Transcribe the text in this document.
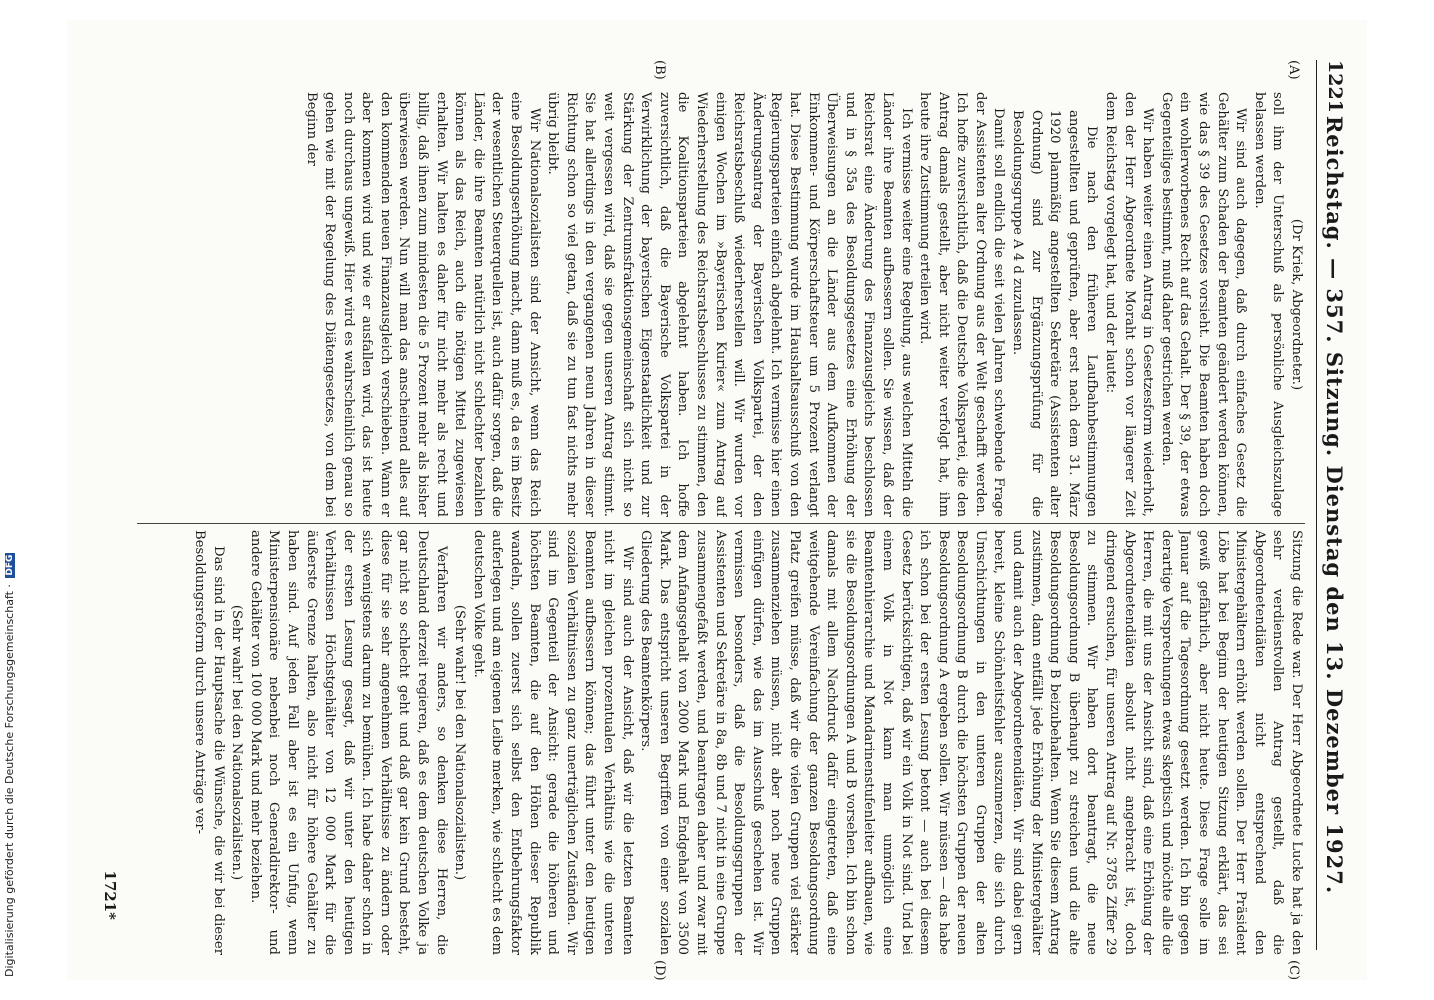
1221
Reichstag. — 357. Sitzung. Dienstag den 13. Dezember 1927.
(A)
(B)
(C)
(D)

(Dr Kriek, Abgeordneter.)

soll ihm der Unterschuß als persönliche Ausgleichszulage belassen werden.

Wir sind auch dagegen, daß durch einfaches Gesetz die Gehälter zum Schaden der Beamten geändert werden können, wie das § 39 des Gesetzes vorsieht. Die Beamten haben doch ein wohlerworbenes Recht auf das Gehalt. Der § 39, der etwas Gegenteiliges bestimmt, muß daher gestrichen werden.

Wir haben weiter einen Antrag in Gesetzesform wiederholt, den der Herr Abgeordnete Moraht schon vor längerer Zeit dem Reichstag vorgelegt hat, und der lautet:

Die nach den früheren Laufbahnbestimmungen angestellten und geprüften, aber erst nach dem 31. März 1920 planmäßig angestellten Sekretäre (Assistenten alter Ordnung) sind zur Ergänzungsprüfung für die Besoldungsgruppe A 4 d zuzulassen.

Damit soll endlich die seit vielen Jahren schwebende Frage der Assistenten alter Ordnung aus der Welt geschafft werden. Ich hoffe zuversichtlich, daß die Deutsche Volkspartei, die den Antrag damals gestellt, aber nicht weiter verfolgt hat, ihm heute ihre Zustimmung erteilen wird.

Ich vermisse weiter eine Regelung, aus welchen Mitteln die Länder ihre Beamten aufbessern sollen. Sie wissen, daß der Reichsrat eine Änderung des Finanzausgleichs beschlossen und in § 35a des Besoldungsgesetzes eine Erhöhung der Überweisungen an die Länder aus dem Aufkommen der Einkommen- und Körperschaftsteuer um 5 Prozent verlangt hat. Diese Bestimmung wurde im Haushaltsausschuß von den Regierungsparteien einfach abgelehnt. Ich vermisse hier einen Änderungsantrag der Bayerischen Volkspartei, der den Reichsratsbeschluß wiederherstellen will. Wir wurden vor einigen Wochen im »Bayerischen Kurier« zum Antrag auf Wiederherstellung des Reichsratsbeschlusses zu stimmen, den die Koalitionsparteien abgelehnt haben. Ich hoffe zuversichtlich, daß die Bayerische Volkspartei in der Verwirklichung der bayerischen Eigenstaatlichkeit und zur Stärkung der Zentrumsfraktionsgemeinschaft sich nicht so weit vergessen wird, daß sie gegen unseren Antrag stimmt. Sie hat allerdings in den vergangenen neun Jahren in dieser Richtung schon so viel getan, daß sie zu tun fast nichts mehr übrig bleibt.

Wir Nationalsozialisten sind der Ansicht, wenn das Reich eine Besoldungserhöhung macht, dann muß es, da es im Besitz der wesentlichen Steuerquellen ist, auch dafür sorgen, daß die Länder, die ihre Beamten natürlich nicht schlechter bezahlen können als das Reich, auch die nötigen Mittel zugewiesen erhalten. Wir halten es daher für nicht mehr als recht und billig, daß ihnen zum mindesten die 5 Prozent mehr als bisher überwiesen werden. Nun will man das anscheinend alles auf den kommenden neuen Finanzausgleich verschieben. Wann er aber kommen wird und wie er ausfallen wird, das ist heute noch durchaus ungewiß. Hier wird es wahrscheinlich genau so gehen wie mit der Regelung des Diätengesetzes, von dem bei Beginn der

Sitzung die Rede war. Der Herr Abgeordnete Lucke hat ja den sehr verdienstvollen Antrag gestellt, daß die Abgeordnetendiäten nicht entsprechend den Ministergehältern erhöht werden sollen. Der Herr Präsident Löbe hat bei Beginn der heutigen Sitzung erklärt, das sei gewiß gefährlich, aber nicht heute. Diese Frage solle im Januar auf die Tagesordnung gesetzt werden. Ich bin gegen derartige Versprechungen etwas skeptisch und möchte alle die Herren, die mit uns der Ansicht sind, daß eine Erhöhung der Abgeordnetendiäten absolut nicht angebracht ist, doch dringend ersuchen, für unseren Antrag auf Nr. 3785 Ziffer 29 zu stimmen. Wir haben dort beantragt, die neue Besoldungsordnung B überhaupt zu streichen und die alte Besoldungsordnung B beizubehalten. Wenn Sie diesem Antrag zustimmen, dann entfällt jede Erhöhung der Ministergehälter und damit auch der Abgeordnetendiäten. Wir sind dabei gern bereit, kleine Schönheitsfehler auszumerzen, die sich durch Umschichtungen in den unteren Gruppen der alten Besoldungsordnung B durch die höchsten Gruppen der neuen Besoldungsordnung A ergeben sollen. Wir müssen — das habe ich schon bei der ersten Lesung betont — auch bei diesem Gesetz berücksichtigen, daß wir ein Volk in Not sind. Und bei einem Volk in Not kann man unmöglich eine Beamtenhierarchie und Mandarinenstufenleiter aufbauen, wie sie die Besoldungsordnungen A und B vorsehen. Ich bin schon damals mit allem Nachdruck dafür eingetreten, daß eine weitgehende Vereinfachung der ganzen Besoldungsordnung Platz greifen müsse, daß wir die vielen Gruppen viel stärker zusammenziehen müssen, nicht aber noch neue Gruppen einfügen dürfen, wie das im Ausschuß geschehen ist. Wir vermissen besonders, daß die Besoldungsgruppen der Assistenten und Sekretäre in 8a, 8b und 7 nicht in eine Gruppe zusammengefaßt werden, und beantragen daher und zwar mit dem Anfangsgehalt von 2000 Mark und Endgehalt von 3500 Mark. Das entspricht unseren Begriffen von einer sozialen Gliederung des Beamtenkörpers.

Wir sind auch der Ansicht, daß wir die letzten Beamten nicht im gleichen prozentualen Verhältnis wie die unteren Beamten aufbessern können; das führt unter den heutigen sozialen Verhältnissen zu ganz unerträglichen Zuständen. Wir sind im Gegenteil der Ansicht: gerade die höheren und höchsten Beamten, die auf den Höhen dieser Republik wandeln, sollen zuerst sich selbst den Entbehrungsfaktor auferlegen und am eigenen Leibe merken, wie schlecht es dem deutschen Volke geht.

(Sehr wahr! bei den Nationalsozialisten.)

Verfahren wir anders, so denken diese Herren, die Deutschland derzeit regieren, daß es dem deutschen Volke ja gar nicht so schlecht geht und daß gar kein Grund besteht, diese für sie sehr angenehmen Verhältnisse zu ändern oder sich wenigstens darum zu bemühen. Ich habe daher schon in der ersten Lesung gesagt, daß wir unter den heutigen Verhältnissen Höchstgehälter von 12 000 Mark für die äußerste Grenze halten, also nicht für höhere Gehälter zu haben sind. Auf jeden Fall aber ist es ein Unfug, wenn Ministerpensionäre nebenbei noch Generaldirektor- und andere Gehälter von 100 000 Mark und mehr beziehen.

(Sehr wahr! bei den Nationalsozialisten.)

Das sind in der Hauptsache die Wünsche, die wir bei dieser Besoldungsreform durch unsere Anträge ver-

1721*
Digitalisierung gefördert durch die Deutsche Forschungsgemeinschaft · DFG
